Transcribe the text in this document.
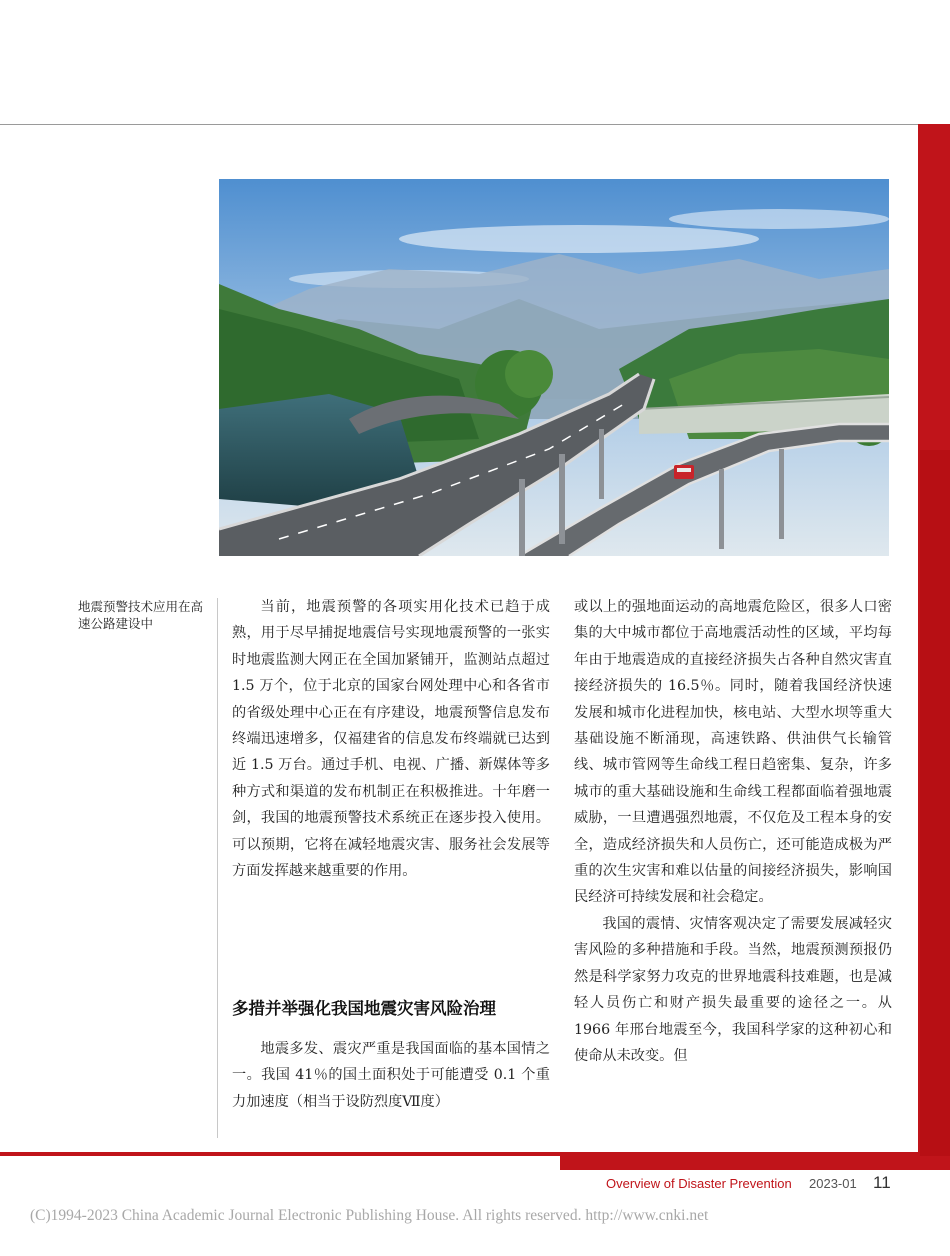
地震预警技术应用在高速公路建设中

当前，地震预警的各项实用化技术已趋于成熟，用于尽早捕捉地震信号实现地震预警的一张实时地震监测大网正在全国加紧铺开，监测站点超过 1.5 万个，位于北京的国家台网处理中心和各省市的省级处理中心正在有序建设，地震预警信息发布终端迅速增多，仅福建省的信息发布终端就已达到近 1.5 万台。通过手机、电视、广播、新媒体等多种方式和渠道的发布机制正在积极推进。十年磨一剑，我国的地震预警技术系统正在逐步投入使用。可以预期，它将在减轻地震灾害、服务社会发展等方面发挥越来越重要的作用。

多措并举强化我国地震灾害风险治理

地震多发、震灾严重是我国面临的基本国情之一。我国 41％的国土面积处于可能遭受 0.1 个重力加速度（相当于设防烈度Ⅶ度）

或以上的强地面运动的高地震危险区，很多人口密集的大中城市都位于高地震活动性的区域，平均每年由于地震造成的直接经济损失占各种自然灾害直接经济损失的 16.5％。同时，随着我国经济快速发展和城市化进程加快，核电站、大型水坝等重大基础设施不断涌现，高速铁路、供油供气长输管线、城市管网等生命线工程日趋密集、复杂，许多城市的重大基础设施和生命线工程都面临着强地震威胁，一旦遭遇强烈地震，不仅危及工程本身的安全，造成经济损失和人员伤亡，还可能造成极为严重的次生灾害和难以估量的间接经济损失，影响国民经济可持续发展和社会稳定。

我国的震情、灾情客观决定了需要发展减轻灾害风险的多种措施和手段。当然，地震预测预报仍然是科学家努力攻克的世界地震科技难题，也是减轻人员伤亡和财产损失最重要的途径之一。从 1966 年邢台地震至今，我国科学家的这种初心和使命从未改变。但

Overview of Disaster Prevention 2023-01 11
(C)1994-2023 China Academic Journal Electronic Publishing House. All rights reserved. http://www.cnki.net
